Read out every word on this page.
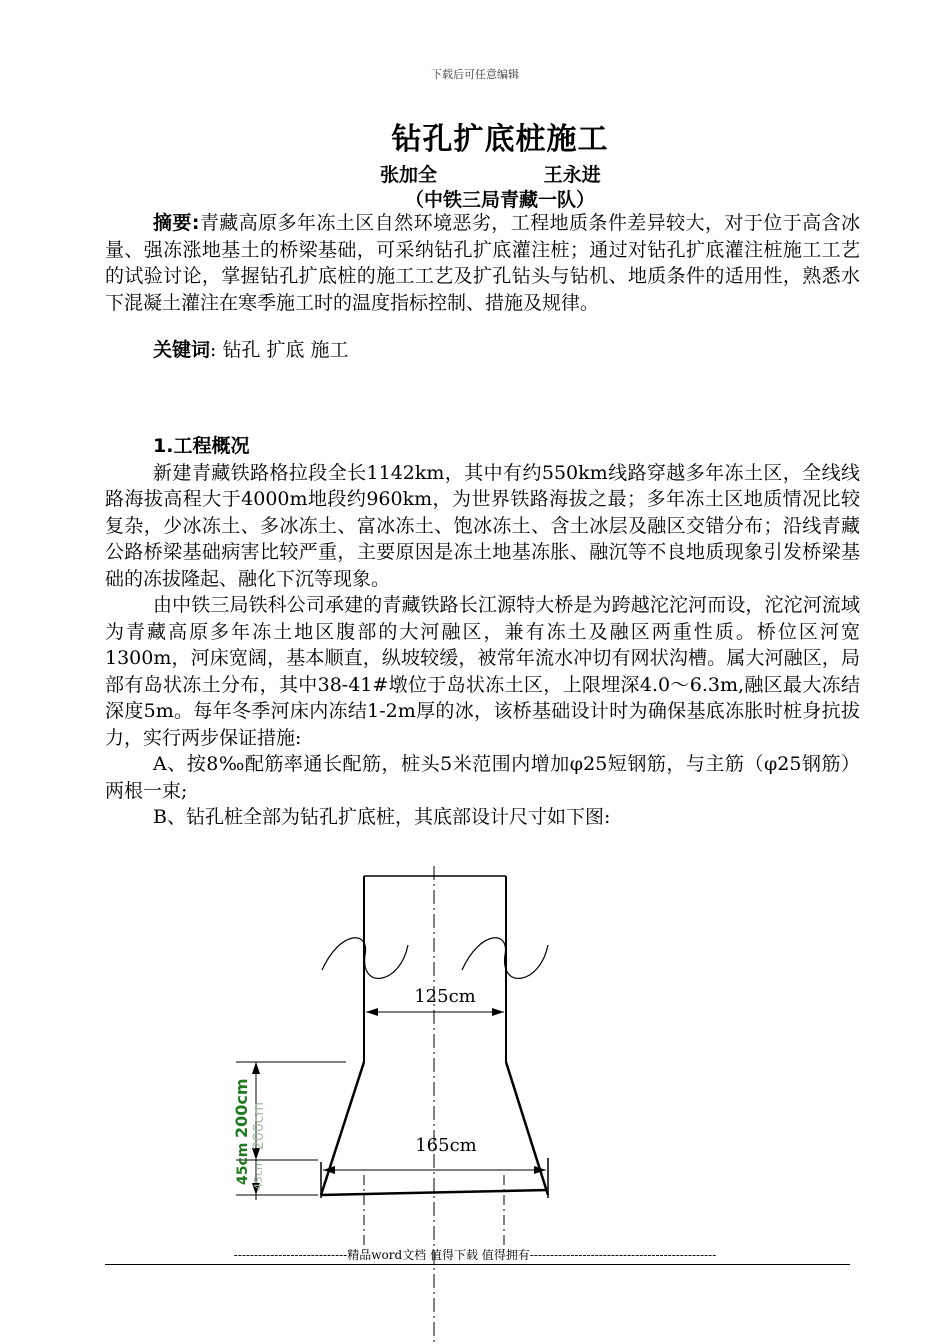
下载后可任意编辑
钻孔扩底桩施工
张加全	王永进
（中铁三局青藏一队）

摘要:青藏高原多年冻土区自然环境恶劣，工程地质条件差异较大，对于位于高含冰量、强冻涨地基土的桥梁基础，可采纳钻孔扩底灌注桩；通过对钻孔扩底灌注桩施工工艺的试验讨论，掌握钻孔扩底桩的施工工艺及扩孔钻头与钻机、地质条件的适用性，熟悉水下混凝土灌注在寒季施工时的温度指标控制、措施及规律。

关键词: 钻孔 扩底 施工

1.工程概况

新建青藏铁路格拉段全长1142km，其中有约550km线路穿越多年冻土区，全线线路海拔高程大于4000m地段约960km，为世界铁路海拔之最；多年冻土区地质情况比较复杂，少冰冻土、多冰冻土、富冰冻土、饱冰冻土、含土冰层及融区交错分布；沿线青藏公路桥梁基础病害比较严重，主要原因是冻土地基冻胀、融沉等不良地质现象引发桥梁基础的冻拔隆起、融化下沉等现象。

由中铁三局铁科公司承建的青藏铁路长江源特大桥是为跨越沱沱河而设，沱沱河流域为青藏高原多年冻土地区腹部的大河融区，兼有冻土及融区两重性质。桥位区河宽1300m，河床宽阔，基本顺直，纵坡较缓，被常年流水冲切有网状沟槽。属大河融区，局部有岛状冻土分布，其中38-41#墩位于岛状冻土区，上限埋深4.0～6.3m,融区最大冻结深度5m。每年冬季河床内冻结1-2m厚的冰，该桥基础设计时为确保基底冻胀时桩身抗拔力，实行两步保证措施:

A、按8‰配筋率通长配筋，桩头5米范围内增加φ25短钢筋，与主筋（φ25钢筋）两根一束;

B、钻孔桩全部为钻孔扩底桩，其底部设计尺寸如下图:

125cm
165cm
200cm 200cm
45cm 45cm
----------------------------精品word文档 值得下载 值得拥有----------------------------------------------
